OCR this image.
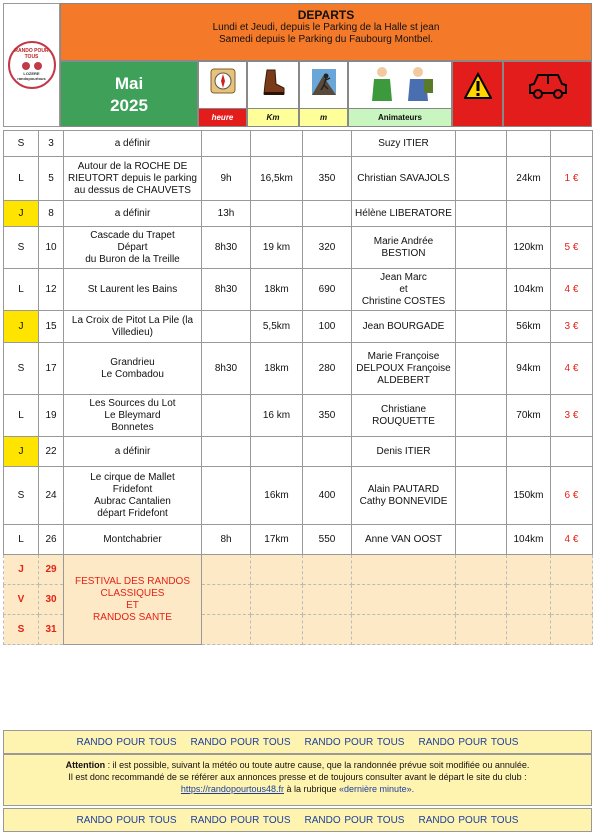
RANDO POUR TOUS
LOZERE
randopourtous
DEPARTS
Lundi et Jeudi, depuis le Parking de la Halle st jean
Samedi depuis le Parking du Faubourg Montbel.
Mai
2025
heure	Km	m	Animateurs
S	3	a définir				Suzy ITIER			
L	5	Autour de la ROCHE DE RIEUTORT depuis le parking au dessus de CHAUVETS	9h	16,5km	350	Christian SAVAJOLS		24km	1 €
J	8	a définir	13h			Hélène LIBERATORE			
S	10	Cascade du Trapet
Départ
du Buron de la Treille	8h30	19 km	320	Marie Andrée
BESTION		120km	5 €
L	12	St Laurent les Bains	8h30	18km	690	Jean Marc
et
Christine COSTES		104km	4 €
J	15	La Croix de Pitot La Pile (la Villedieu)		5,5km	100	Jean BOURGADE		56km	3 €
S	17	Grandrieu
Le Combadou	8h30	18km	280	Marie Françoise
DELPOUX Françoise
ALDEBERT		94km	4 €
L	19	Les Sources du Lot
Le Bleymard
Bonnetes		16 km	350	Christiane
ROUQUETTE		70km	3 €
J	22	a définir				Denis ITIER			
S	24	Le cirque de Mallet
Fridefont
Aubrac Cantalien
départ Fridefont		16km	400	Alain PAUTARD
Cathy BONNEVIDE		150km	6 €
L	26	Montchabrier	8h	17km	550	Anne VAN OOST		104km	4 €
J	29	FESTIVAL DES RANDOS
CLASSIQUES
ET
RANDOS SANTE							
V	30								
S	31								
RANDO POUR TOUS RANDO POUR TOUS RANDO POUR TOUS RANDO POUR TOUS
Attention : il est possible, suivant la météo ou toute autre cause, que la randonnée prévue soit modifiée ou annulée.
Il est donc recommandé de se référer aux annonces presse et de toujours consulter avant le départ le site du club :
https://randopourtous48.fr à la rubrique «dernière minute».
RANDO POUR TOUS RANDO POUR TOUS RANDO POUR TOUS RANDO POUR TOUS
